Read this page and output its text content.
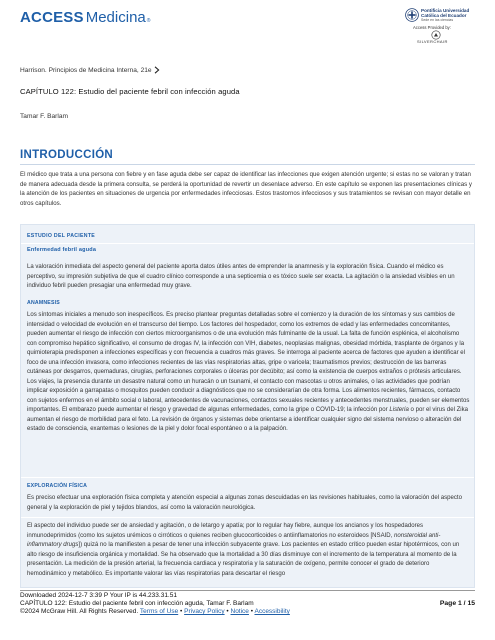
ACCESS Medicina ®
Pontificia Universidad
Católica del Ecuador
Sede en las ciencias
Access Provided by:
SILVERCHAIR
Harrison. Principios de Medicina Interna, 21e
CAPÍTULO 122: Estudio del paciente febril con infección aguda
Tamar F. Barlam
INTRODUCCIÓN
El médico que trata a una persona con fiebre y en fase aguda debe ser capaz de identificar las infecciones que exigen atención urgente; si estas no se valoran y tratan de manera adecuada desde la primera consulta, se perderá la oportunidad de revertir un desenlace adverso. En este capítulo se exponen las presentaciones clínicas y la atención de los pacientes en situaciones de urgencia por enfermedades infecciosas. Estos trastornos infecciosos y sus tratamientos se revisan con mayor detalle en otros capítulos.
ESTUDIO DEL PACIENTE
Enfermedad febril aguda
La valoración inmediata del aspecto general del paciente aporta datos útiles antes de emprender la anamnesis y la exploración física. Cuando el médico es perceptivo, su impresión subjetiva de que el cuadro clínico corresponde a una septicemia o es tóxico suele ser exacta. La agitación o la ansiedad visibles en un individuo febril pueden presagiar una enfermedad muy grave.
ANAMNESIS

Los síntomas iniciales a menudo son inespecíficos. Es preciso plantear preguntas detalladas sobre el comienzo y la duración de los síntomas y sus cambios de intensidad o velocidad de evolución en el transcurso del tiempo. Los factores del hospedador, como los extremos de edad y las enfermedades concomitantes, pueden aumentar el riesgo de infección con ciertos microorganismos o de una evolución más fulminante de la usual. La falta de función esplénica, el alcoholismo con compromiso hepático significativo, el consumo de drogas IV, la infección con VIH, diabetes, neoplasias malignas, obesidad mórbida, trasplante de órganos y la quimioterapia predisponen a infecciones específicas y con frecuencia a cuadros más graves. Se interroga al paciente acerca de factores que ayuden a identificar el foco de una infección invasora, como infecciones recientes de las vías respiratorias altas, gripe o varicela; traumatismos previos; destrucción de las barreras cutáneas por desgarros, quemaduras, cirugías, perforaciones corporales o úlceras por decúbito; así como la existencia de cuerpos extraños o prótesis articulares. Los viajes, la presencia durante un desastre natural como un huracán o un tsunami, el contacto con mascotas u otros animales, o las actividades que podrían implicar exposición a garrapatas o mosquitos pueden conducir a diagnósticos que no se considerarían de otra forma. Los alimentos recientes, fármacos, contacto con sujetos enfermos en el ámbito social o laboral, antecedentes de vacunaciones, contactos sexuales recientes y antecedentes menstruales, pueden ser elementos importantes. El embarazo puede aumentar el riesgo y gravedad de algunas enfermedades, como la gripe o COVID-19; la infección por Listeria o por el virus del Zika aumentan el riesgo de morbilidad para el feto. La revisión de órganos y sistemas debe orientarse a identificar cualquier signo del sistema nervioso o alteración del estado de consciencia, exantemas o lesiones de la piel y dolor focal espontáneo o a la palpación.

EXPLORACIÓN FÍSICA
Es preciso efectuar una exploración física completa y atención especial a algunas zonas descuidadas en las revisiones habituales, como la valoración del aspecto general y la exploración de piel y tejidos blandos, así como la valoración neurológica.

El aspecto del individuo puede ser de ansiedad y agitación, o de letargo y apatía; por lo regular hay fiebre, aunque los ancianos y los hospedadores inmunodeprimidos (como los sujetos urémicos o cirróticos o quienes reciben glucocorticoides o antiinflamatorios no esteroideos [NSAID, nonsteroidal anti-inflammatory drugs]) quizá no la manifiesten a pesar de tener una infección subyacente grave. Los pacientes en estado crítico pueden estar hipotérmicos, con un alto riesgo de insuficiencia orgánica y mortalidad. Se ha observado que la mortalidad a 30 días disminuye con el incremento de la temperatura al momento de la presentación. La medición de la presión arterial, la frecuencia cardiaca y respiratoria y la saturación de oxígeno, permite conocer el grado de deterioro hemodinámico y metabólico. Es importante valorar las vías respiratorias para descartar el riesgo

Downloaded 2024-12-7 3:39 P Your IP is 44.233.31.51
CAPÍTULO 122: Estudio del paciente febril con infección aguda, Tamar F. Barlam
©2024 McGraw Hill. All Rights Reserved. Terms of Use • Privacy Policy • Notice • Accessibility
Page 1 / 15
